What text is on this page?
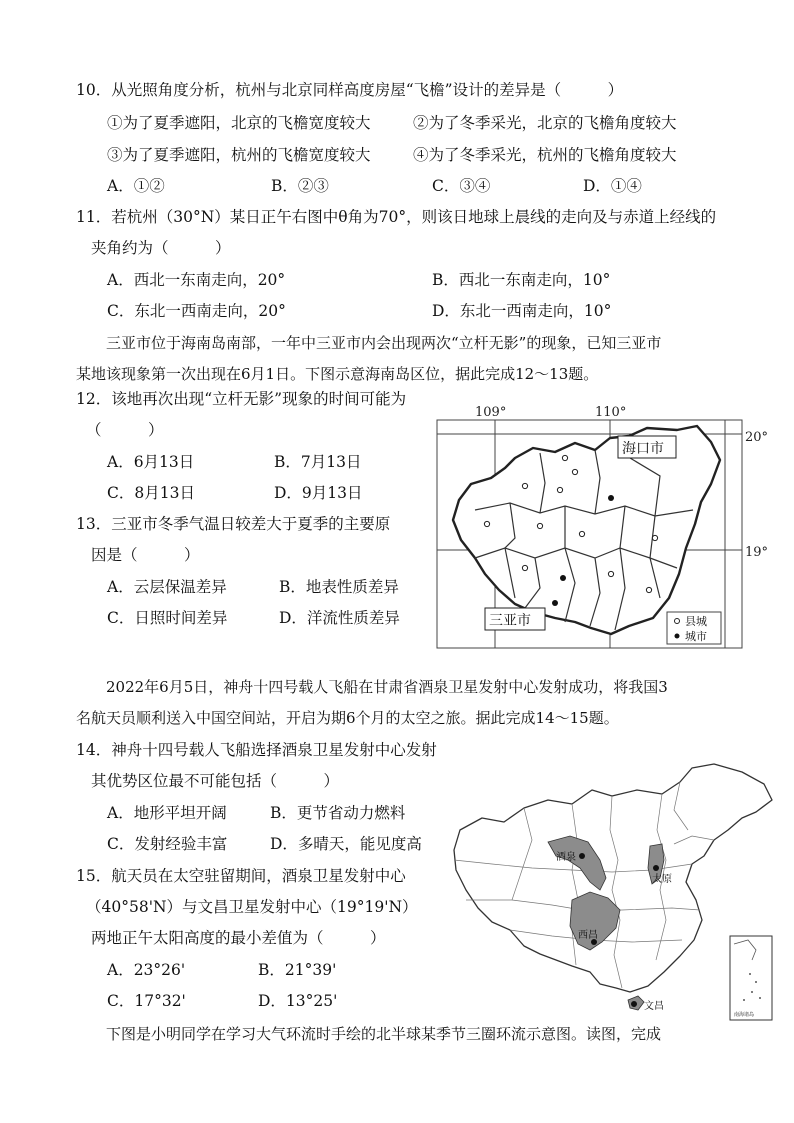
10．从光照角度分析，杭州与北京同样高度房屋“飞檐”设计的差异是（　　　）
①为了夏季遮阳，北京的飞檐宽度较大	②为了冬季采光，北京的飞檐角度较大
③为了夏季遮阳，杭州的飞檐宽度较大	④为了冬季采光，杭州的飞檐角度较大
A．①②	B．②③	C．③④	D．①④
11．若杭州（30°N）某日正午右图中θ角为70°，则该日地球上晨线的走向及与赤道上经线的
夹角约为（　　　）
A．西北一东南走向，20°	B．西北一东南走向，10°
C．东北一西南走向，20°	D．东北一西南走向，10°
三亚市位于海南岛南部，一年中三亚市内会出现两次“立杆无影”的现象，已知三亚市
某地该现象第一次出现在6月1日。下图示意海南岛区位，据此完成12～13题。
12．该地再次出现“立杆无影”现象的时间可能为
（　　　）
A．6月13日	B．7月13日
C．8月13日	D．9月13日
13．三亚市冬季气温日较差大于夏季的主要原
因是（　　　）
A．云层保温差异	B．地表性质差异
C．日照时间差异	D．洋流性质差异
109°	110°
20°
19°
海口市
三亚市	县城
城市
2022年6月5日，神舟十四号载人飞船在甘肃省酒泉卫星发射中心发射成功，将我国3
名航天员顺利送入中国空间站，开启为期6个月的太空之旅。据此完成14～15题。
14．神舟十四号载人飞船选择酒泉卫星发射中心发射
其优势区位最不可能包括（　　　）
A．地形平坦开阔	B．更节省动力燃料
C．发射经验丰富	D．多晴天，能见度高
15．航天员在太空驻留期间，酒泉卫星发射中心
（40°58'N）与文昌卫星发射中心（19°19'N）
两地正午太阳高度的最小差值为（　　　）
A．23°26'	B．21°39'
C．17°32'	D．13°25'
酒泉
太原
西昌
文昌
南海诸岛
下图是小明同学在学习大气环流时手绘的北半球某季节三圈环流示意图。读图，完成
